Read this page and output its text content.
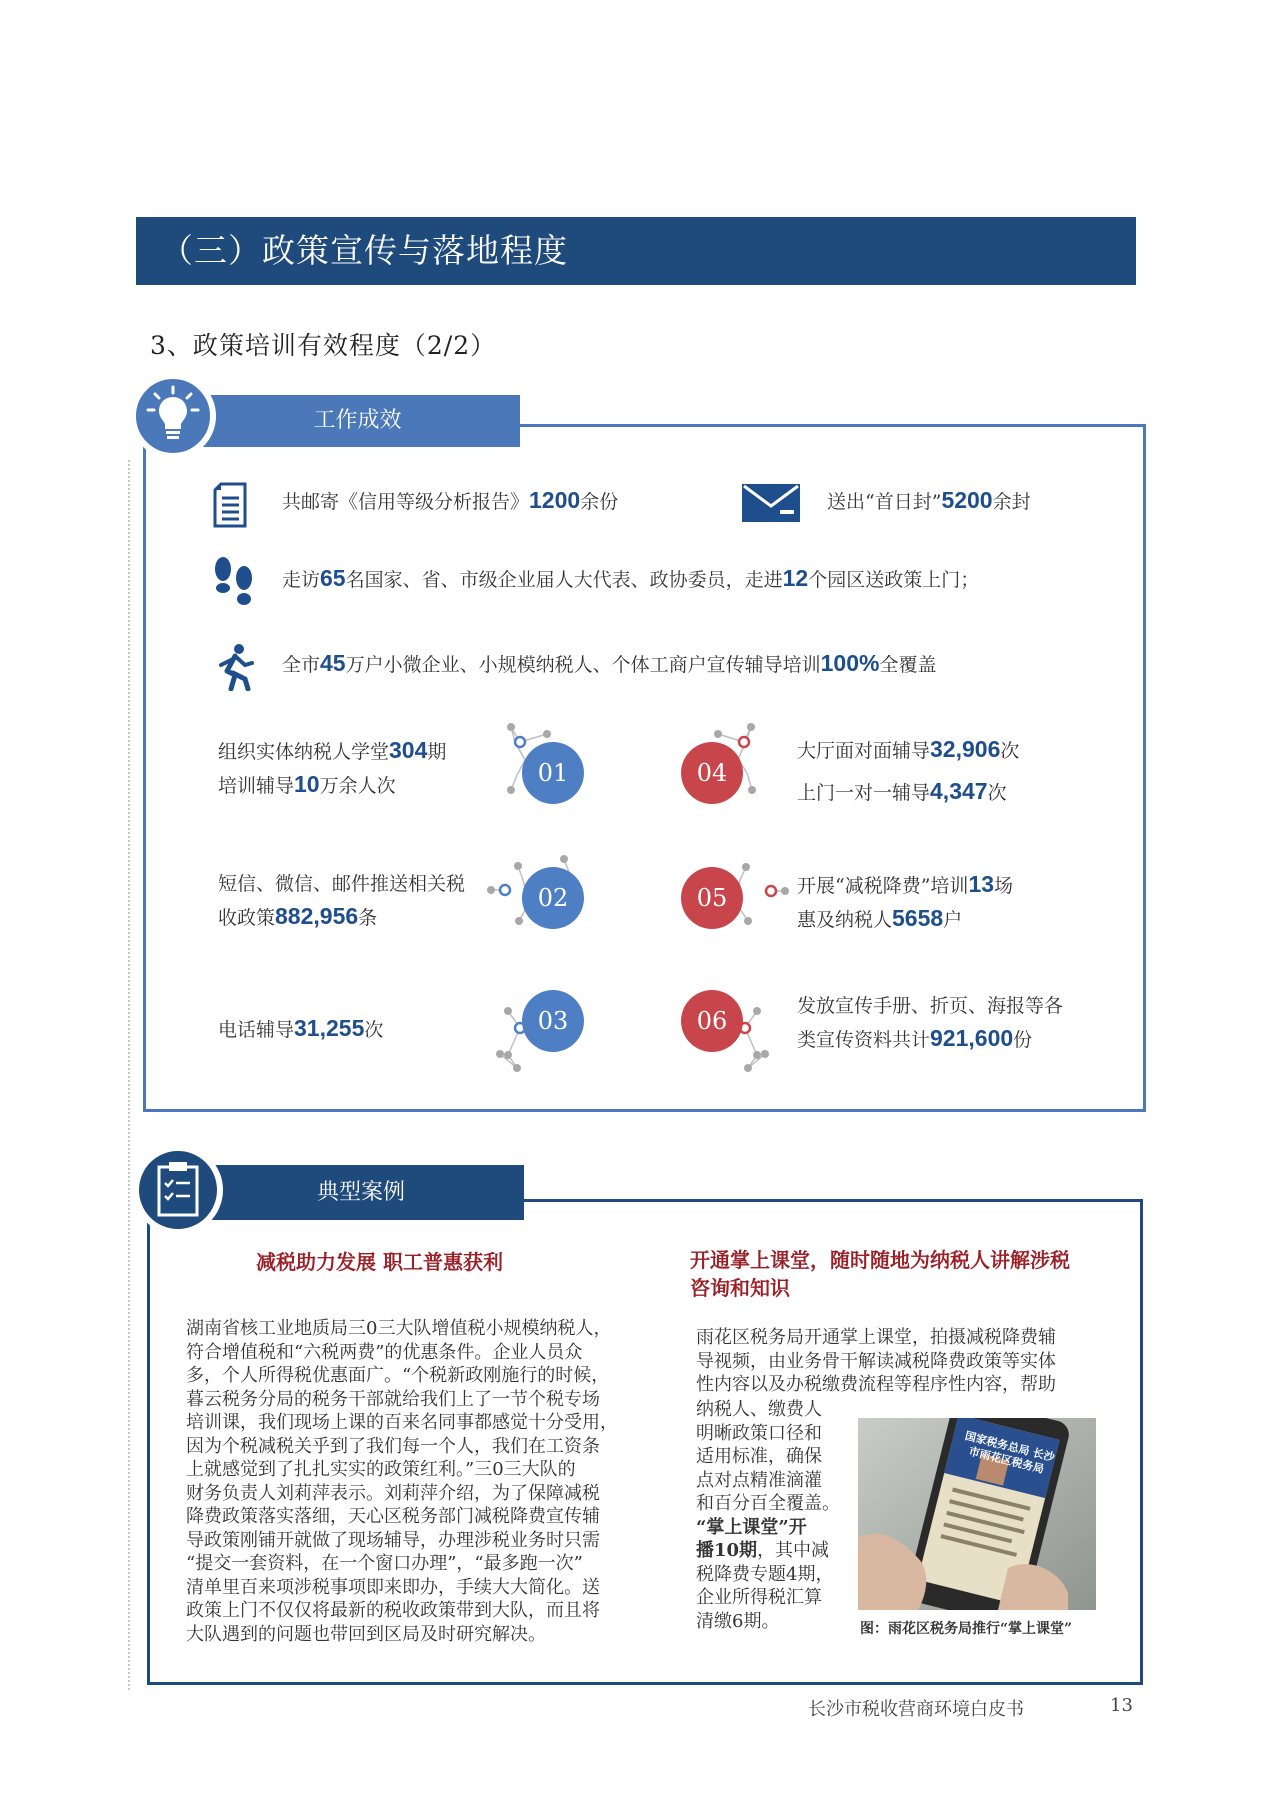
（三）政策宣传与落地程度
3、政策培训有效程度（2/2）
工作成效
共邮寄《信用等级分析报告》1200余份	送出“首日封”5200余封
走访65名国家、省、市级企业届人大代表、政协委员，走进12个园区送政策上门；
全市45万户小微企业、小规模纳税人、个体工商户宣传辅导培训100%全覆盖
01
02
03
04
05
06
组织实体纳税人学堂304期
培训辅导10万余人次
短信、微信、邮件推送相关税
收政策882,956条
电话辅导31,255次
大厅面对面辅导32,906次
上门一对一辅导4,347次
开展“减税降费”培训13场
惠及纳税人5658户
发放宣传手册、折页、海报等各
类宣传资料共计921,600份
典型案例
减税助力发展 职工普惠获利
湖南省核工业地质局三0三大队增值税小规模纳税人，
符合增值税和“六税两费”的优惠条件。企业人员众
多，个人所得税优惠面广。“个税新政刚施行的时候，
暮云税务分局的税务干部就给我们上了一节个税专场
培训课，我们现场上课的百来名同事都感觉十分受用，
因为个税减税关乎到了我们每一个人，我们在工资条
上就感觉到了扎扎实实的政策红利。”三0三大队的
财务负责人刘莉萍表示。刘莉萍介绍，为了保障减税
降费政策落实落细，天心区税务部门减税降费宣传辅
导政策刚铺开就做了现场辅导，办理涉税业务时只需
“提交一套资料，在一个窗口办理”，“最多跑一次”
清单里百来项涉税事项即来即办，手续大大简化。送
政策上门不仅仅将最新的税收政策带到大队，而且将
大队遇到的问题也带回到区局及时研究解决。
开通掌上课堂，随时随地为纳税人讲解涉税
咨询和知识
雨花区税务局开通掌上课堂，拍摄减税降费辅
导视频，由业务骨干解读减税降费政策等实体
性内容以及办税缴费流程等程序性内容，帮助
纳税人、缴费人
明晰政策口径和
适用标准，确保
点对点精准滴灌
和百分百全覆盖。
“掌上课堂”开
播10期，其中减
税降费专题4期，
企业所得税汇算
清缴6期。
国家税务总局 长沙市雨花区税务局
图：雨花区税务局推行“掌上课堂”
长沙市税收营商环境白皮书	13
